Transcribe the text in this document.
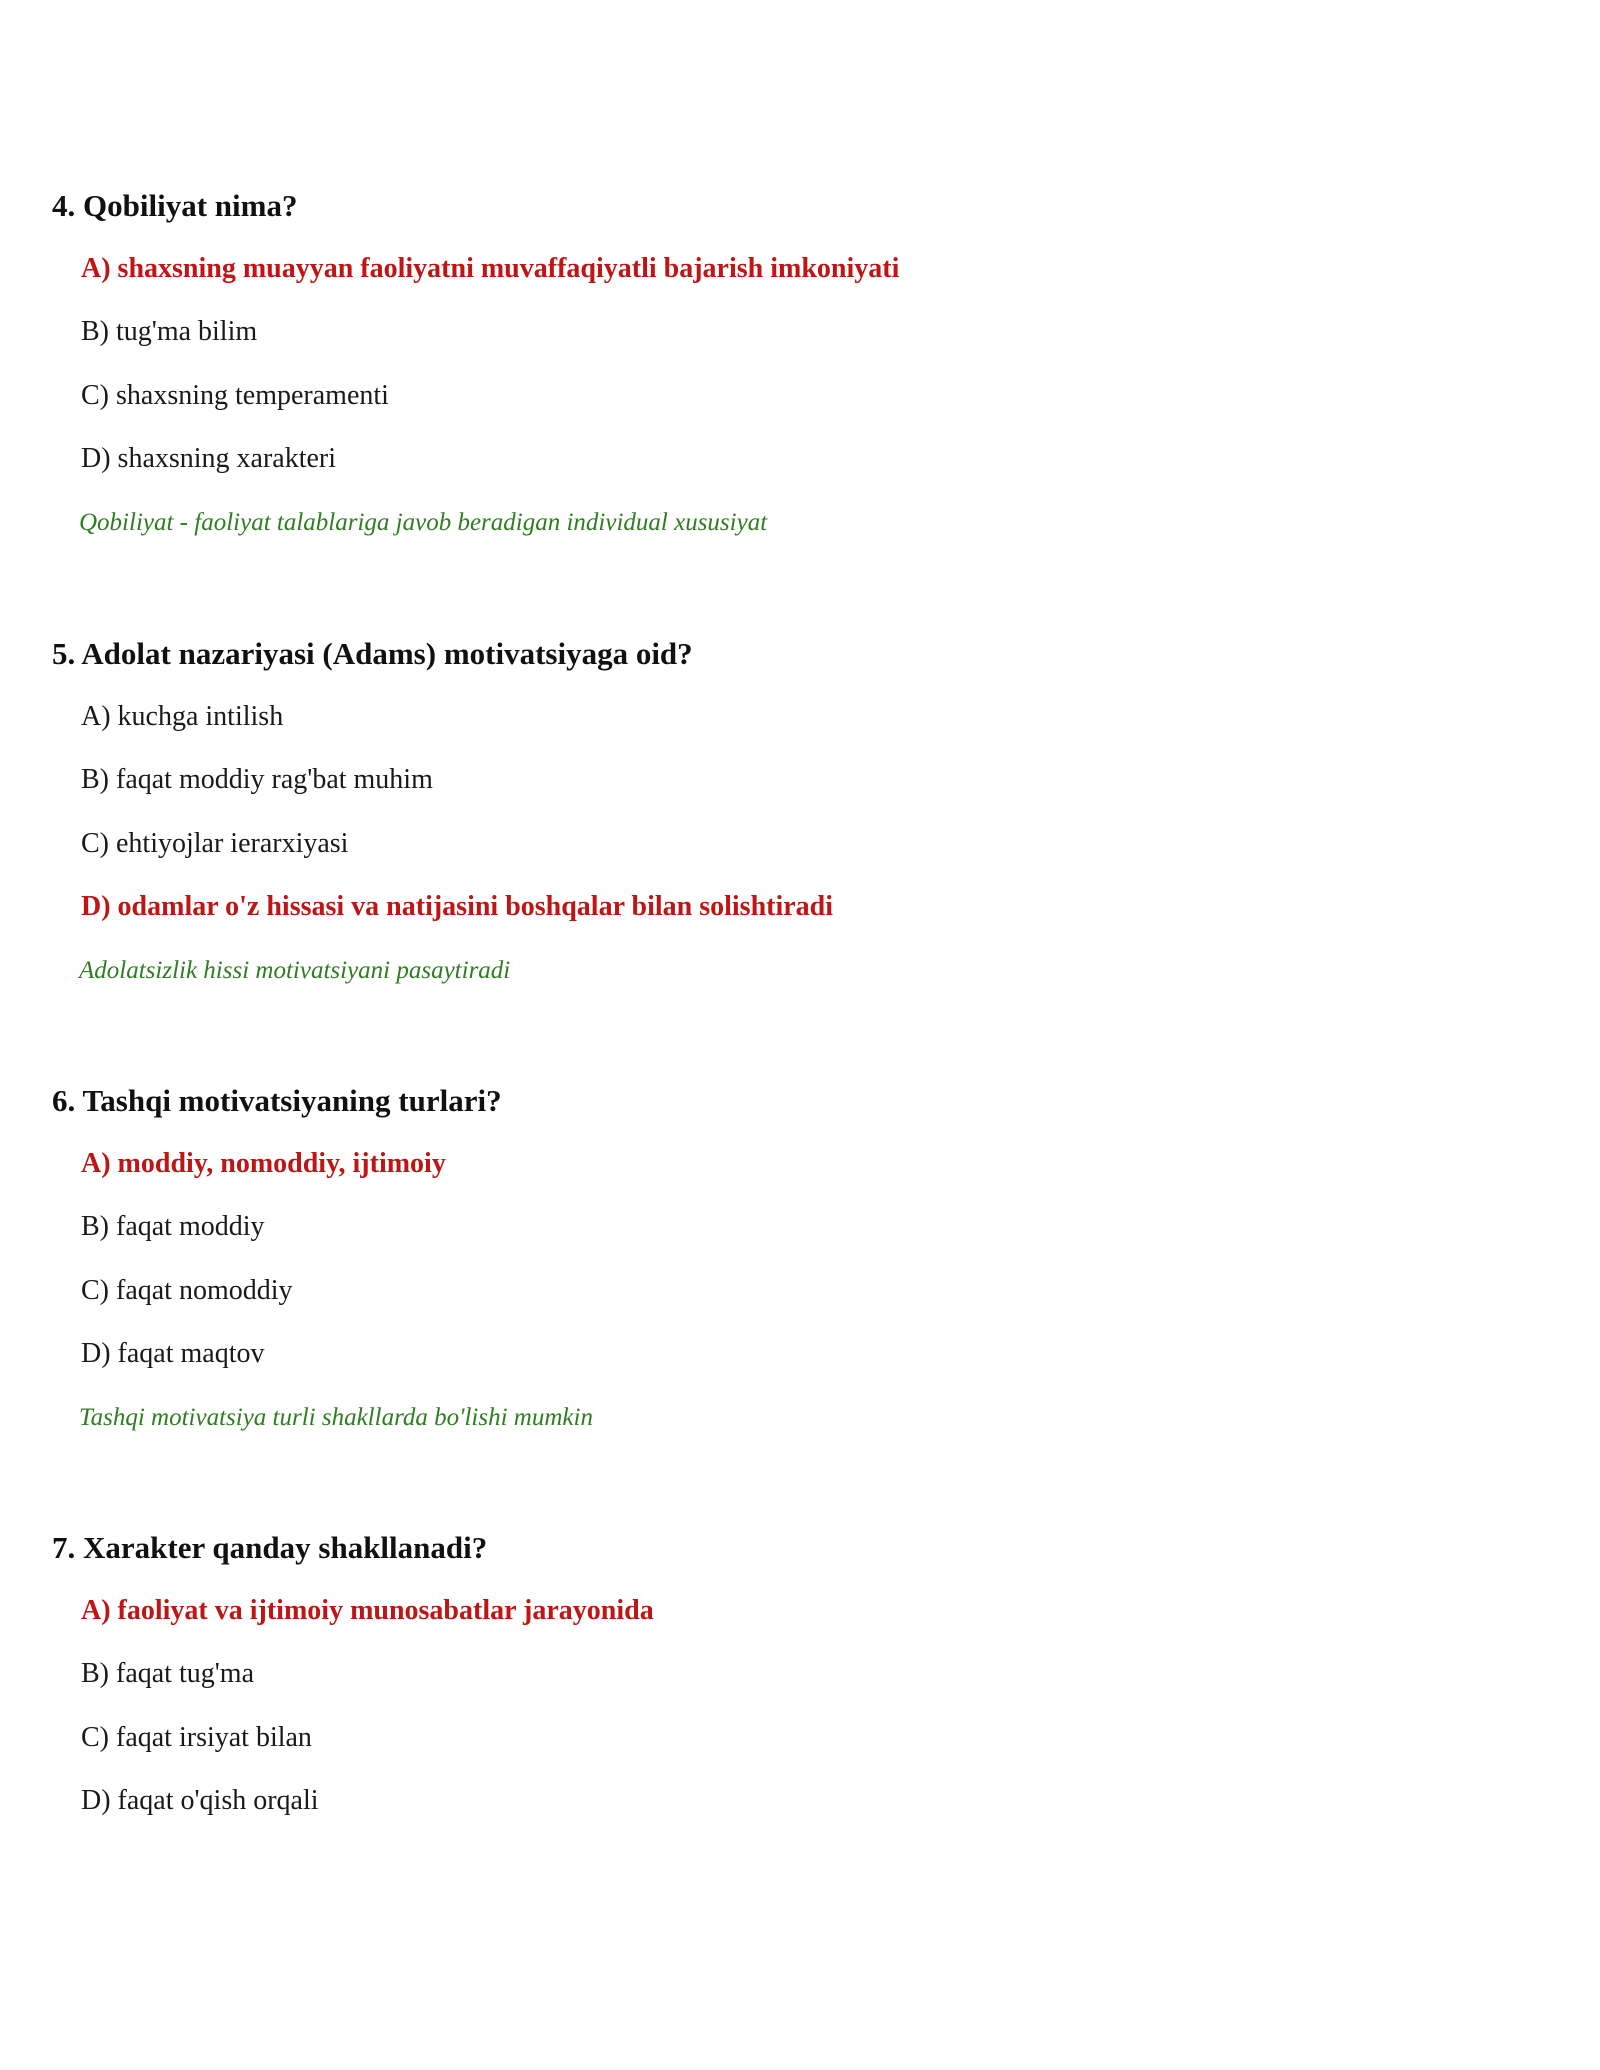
4. Qobiliyat nima?
A) shaxsning muayyan faoliyatni muvaffaqiyatli bajarish imkoniyati
B) tug'ma bilim
C) shaxsning temperamenti
D) shaxsning xarakteri
Qobiliyat - faoliyat talablariga javob beradigan individual xususiyat
5. Adolat nazariyasi (Adams) motivatsiyaga oid?
A) kuchga intilish
B) faqat moddiy rag'bat muhim
C) ehtiyojlar ierarxiyasi
D) odamlar o'z hissasi va natijasini boshqalar bilan solishtiradi
Adolatsizlik hissi motivatsiyani pasaytiradi
6. Tashqi motivatsiyaning turlari?
A) moddiy, nomoddiy, ijtimoiy
B) faqat moddiy
C) faqat nomoddiy
D) faqat maqtov
Tashqi motivatsiya turli shakllarda bo'lishi mumkin
7. Xarakter qanday shakllanadi?
A) faoliyat va ijtimoiy munosabatlar jarayonida
B) faqat tug'ma
C) faqat irsiyat bilan
D) faqat o'qish orqali
